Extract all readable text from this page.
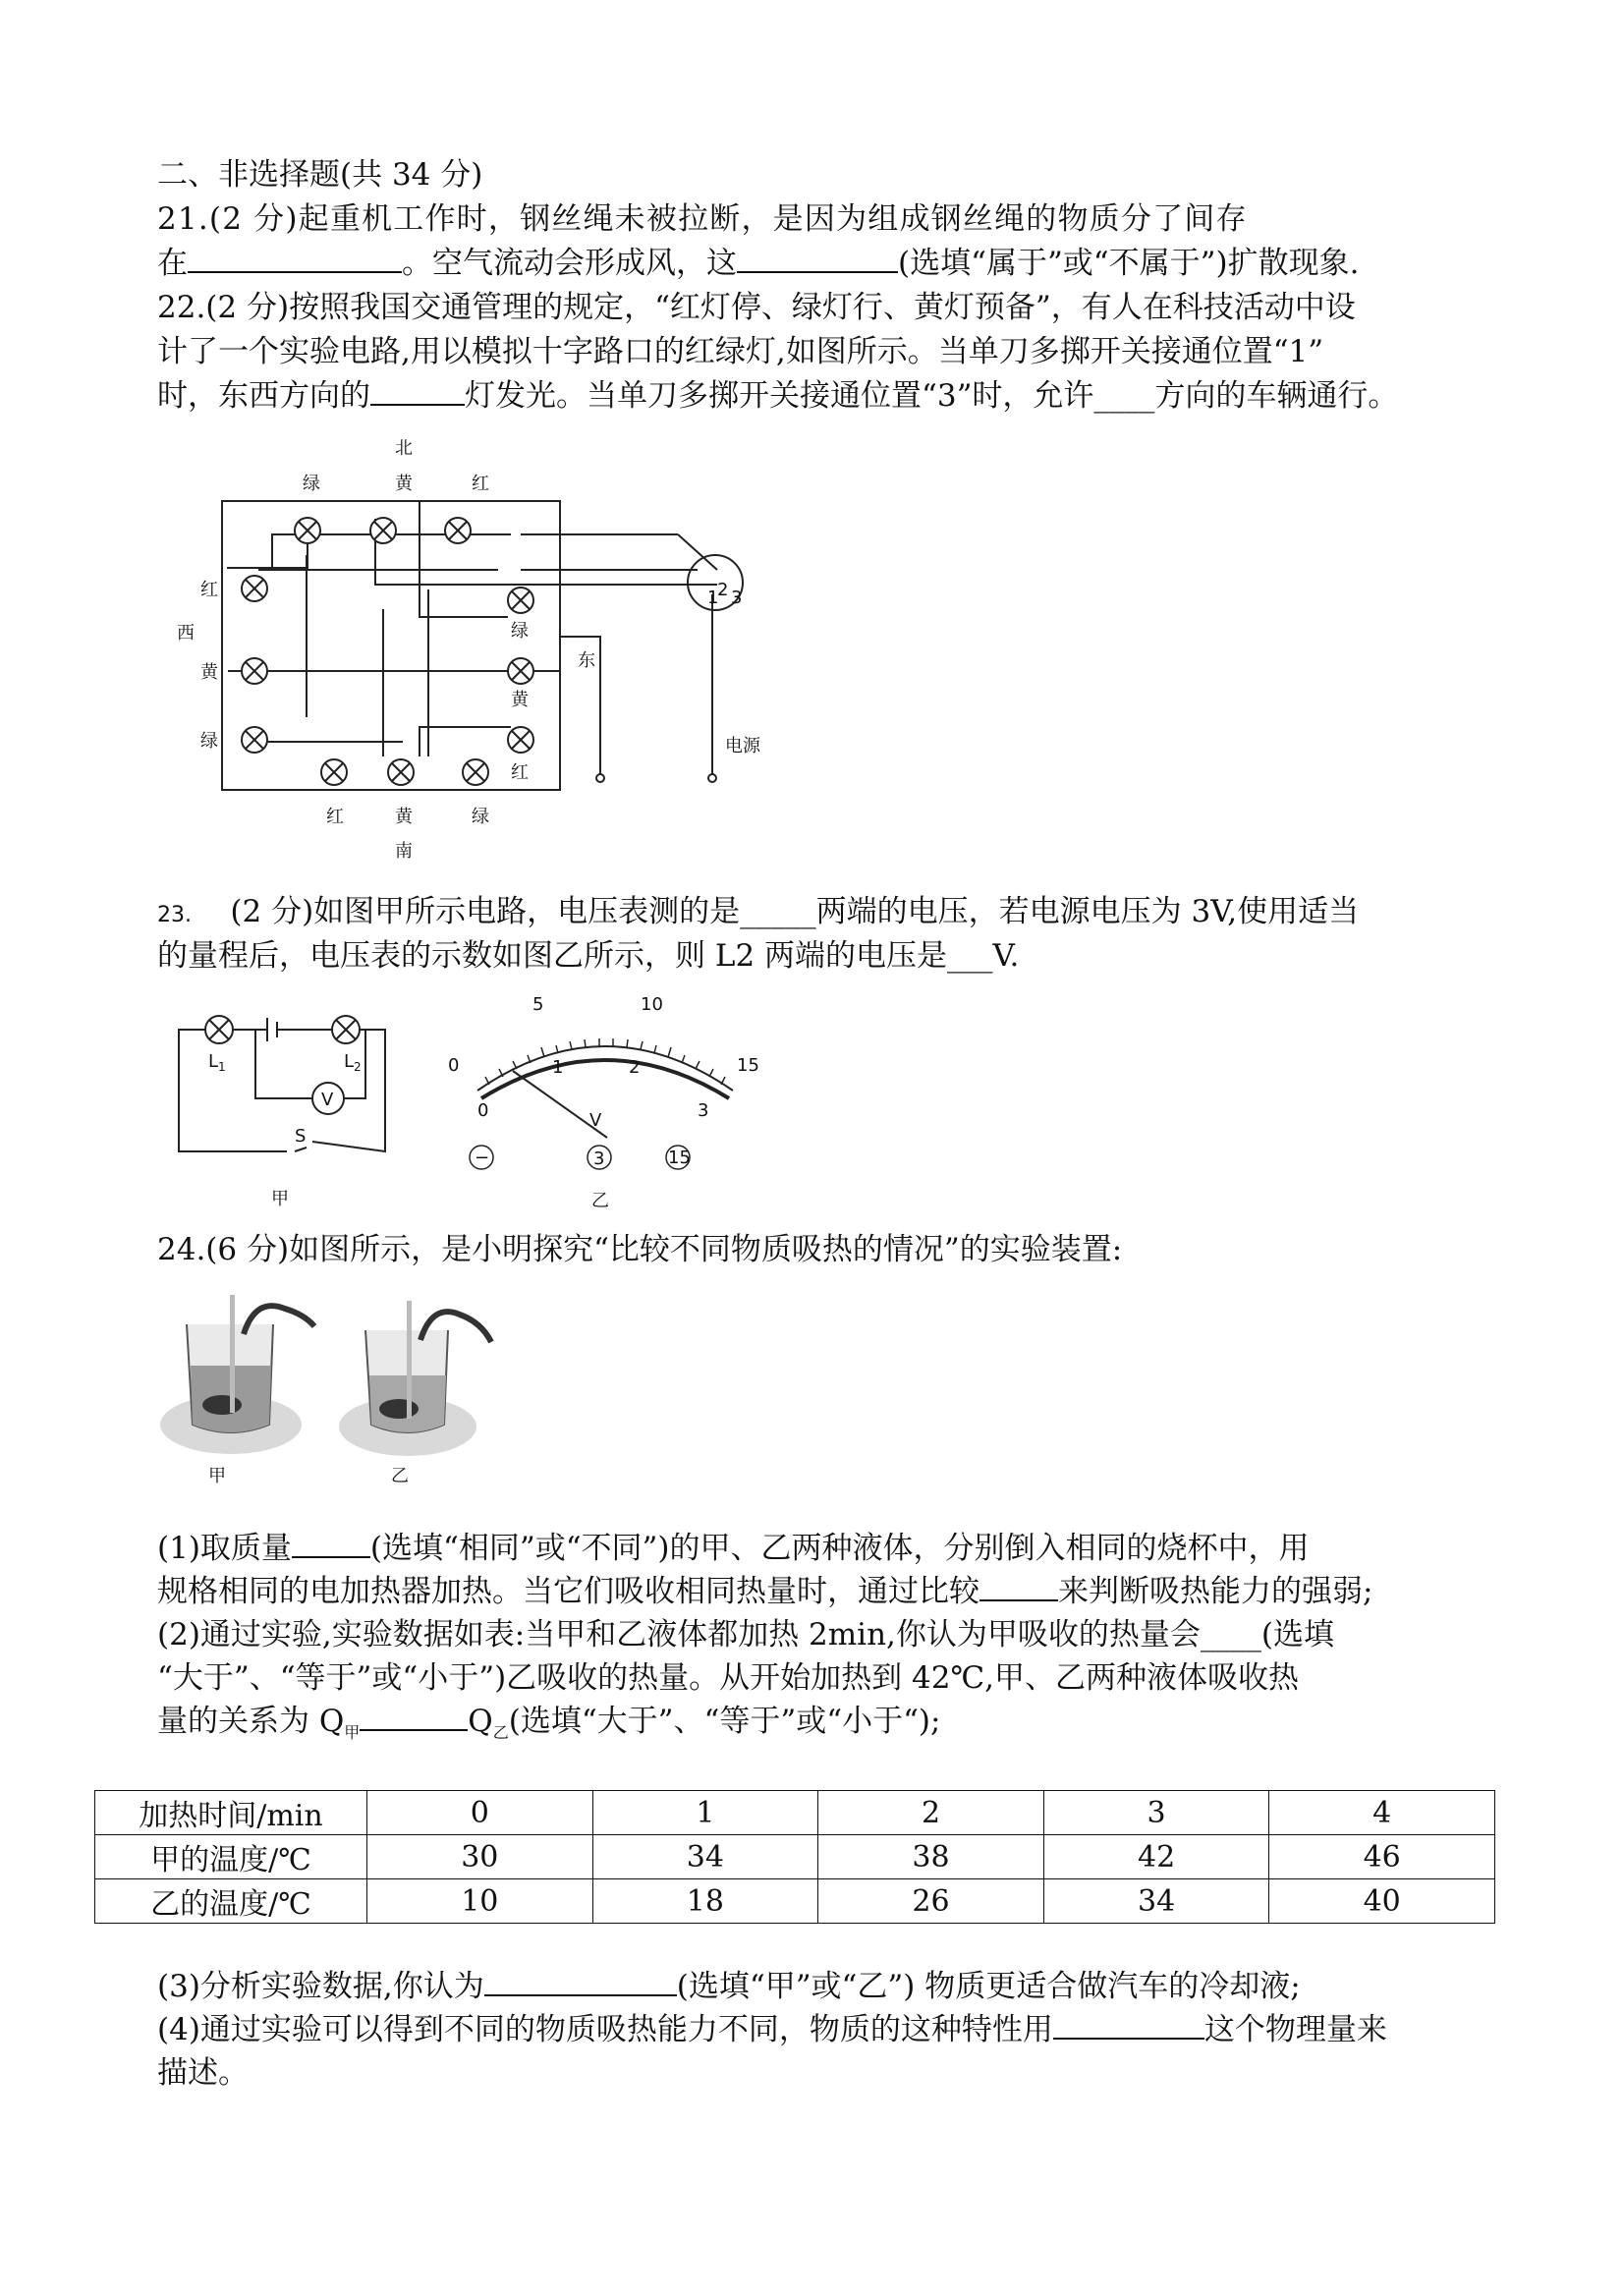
二、非选择题(共 34 分)
21.(2 分)起重机工作时，钢丝绳未被拉断，是因为组成钢丝绳的物质分了间存
在	。空气流动会形成风，这	(选填“属于”或“不属于”)扩散现象.
22.(2 分)按照我国交通管理的规定，“红灯停、绿灯行、黄灯预备”，有人在科技活动中设
计了一个实验电路,用以模拟十字路口的红绿灯,如图所示。当单刀多掷开关接通位置“1”
时，东西方向的	灯发光。当单刀多掷开关接通位置“3”时，允许____方向的车辆通行。
北
绿	黄	红
红
西
黄
绿
绿
东
黄
红
红	黄	绿
南
电源
1
2 3
23. (2 分)如图甲所示电路，电压表测的是_____两端的电压，若电源电压为 3V,使用适当
的量程后，电压表的示数如图乙所示，则 L2 两端的电压是___V.
V
$L_1$	$L_2$
S
甲
0
5	10
15
0
1	2
3
V
−	3	15
乙
24.(6 分)如图所示，是小明探究“比较不同物质吸热的情况”的实验装置:
甲	乙
(1)取质量	(选填“相同”或“不同”)的甲、乙两种液体，分别倒入相同的烧杯中，用
规格相同的电加热器加热。当它们吸收相同热量时，通过比较	来判断吸热能力的强弱;
(2)通过实验,实验数据如表:当甲和乙液体都加热 2min,你认为甲吸收的热量会____(选填
“大于”、“等于”或“小于”)乙吸收的热量。从开始加热到 42℃,甲、乙两种液体吸收热
量的关系为 $Q_甲$	$Q_乙$(选填“大于”、“等于”或“小于“);
加热时间/min	0	1	2	3	4
甲的温度/℃	30	34	38	42	46
乙的温度/℃	10	18	26	34	40
(3)分析实验数据,你认为	(选填“甲”或“乙”) 物质更适合做汽车的冷却液;
(4)通过实验可以得到不同的物质吸热能力不同，物质的这种特性用	这个物理量来
描述。
